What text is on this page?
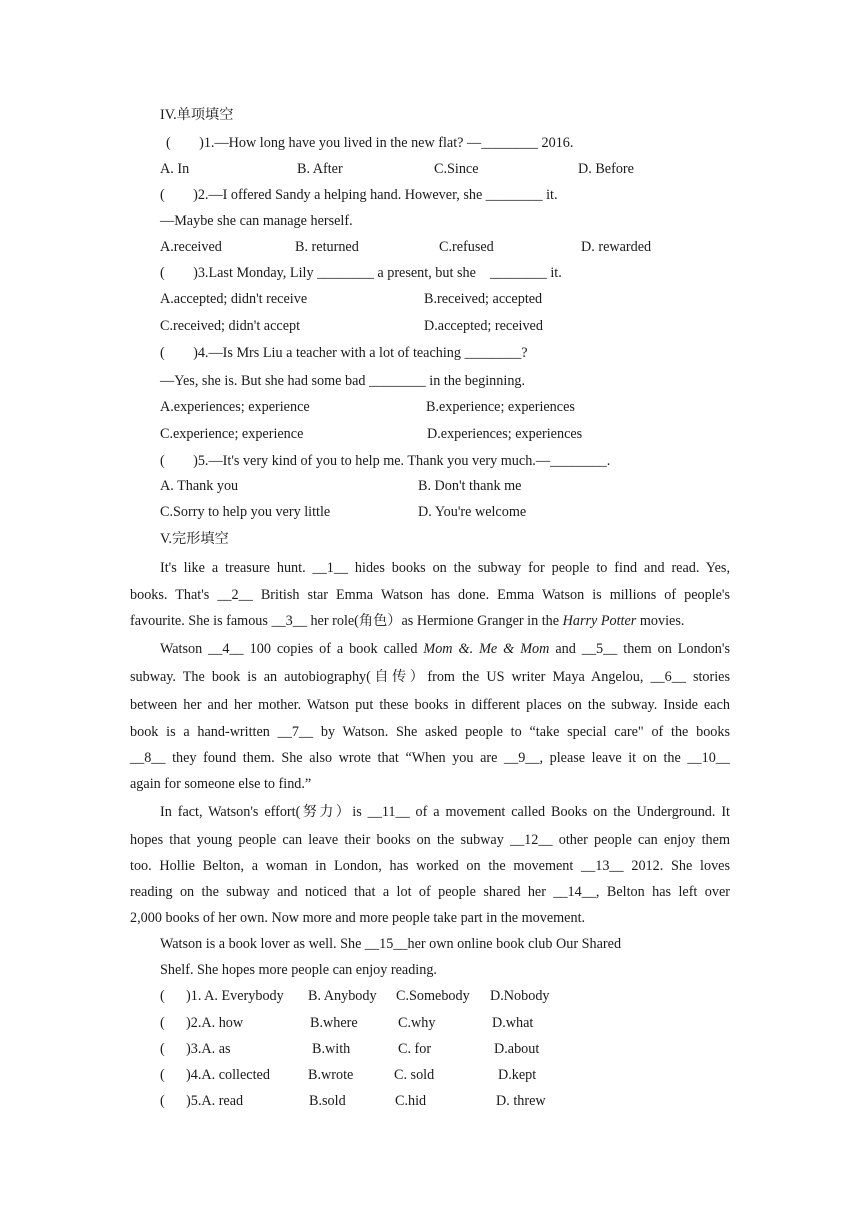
IV.单项填空
(        )1.—How long have you lived in the new flat? —________ 2016.
A. In	B. After	C.Since	D. Before
(        )2.—I offered Sandy a helping hand. However, she ________ it.
—Maybe she can manage herself.
A.received	B. returned	C.refused	D. rewarded
(        )3.Last Monday, Lily ________ a present, but she    ________ it.
A.accepted; didn't receive	B.received; accepted
C.received; didn't accept	D.accepted; received
(        )4.—Is Mrs Liu a teacher with a lot of teaching ________?
—Yes, she is. But she had some bad ________ in the beginning.
A.experiences; experience	B.experience; experiences
C.experience; experience	D.experiences; experiences
(        )5.—It's very kind of you to help me. Thank you very much.—________.
A. Thank you	B. Don't thank me
C.Sorry to help you very little	D. You're welcome
V.完形填空
It's like a treasure hunt. __1__ hides books on the subway for people to find and read. Yes,
books. That's __2__ British star Emma Watson has done. Emma Watson is millions of people's
favourite. She is famous __3__ her role(角色）as Hermione Granger in the Harry Potter movies.
Watson __4__ 100 copies of a book called Mom &. Me & Mom and __5__ them on London's
subway. The book is an autobiography(自传）from the US writer Maya Angelou, __6__ stories
between her and her mother. Watson put these books in different places on the subway. Inside each
book is a hand-written __7__ by Watson. She asked people to “take special care" of the books
__8__ they found them. She also wrote that “When you are __9__, please leave it on the __10__
again for someone else to find.”
In fact, Watson's effort(努力）is __11__ of a movement called Books on the Underground. It
hopes that young people can leave their books on the subway __12__ other people can enjoy them
too. Hollie Belton, a woman in London, has worked on the movement __13__ 2012. She loves
reading on the subway and noticed that a lot of people shared her __14__, Belton has left over
2,000 books of her own. Now more and more people take part in the movement.
Watson is a book lover as well. She __15__her own online book club Our Shared
Shelf. She hopes more people can enjoy reading.
(      )1. A. Everybody B. Anybody C.Somebody D.Nobody
(      )2.A. how	B.where	C.why	D.what
(      )3.A. as	B.with	C. for	D.about
(      )4.A. collected	B.wrote	C. sold	D.kept
(      )5.A. read	B.sold	C.hid	D. threw
